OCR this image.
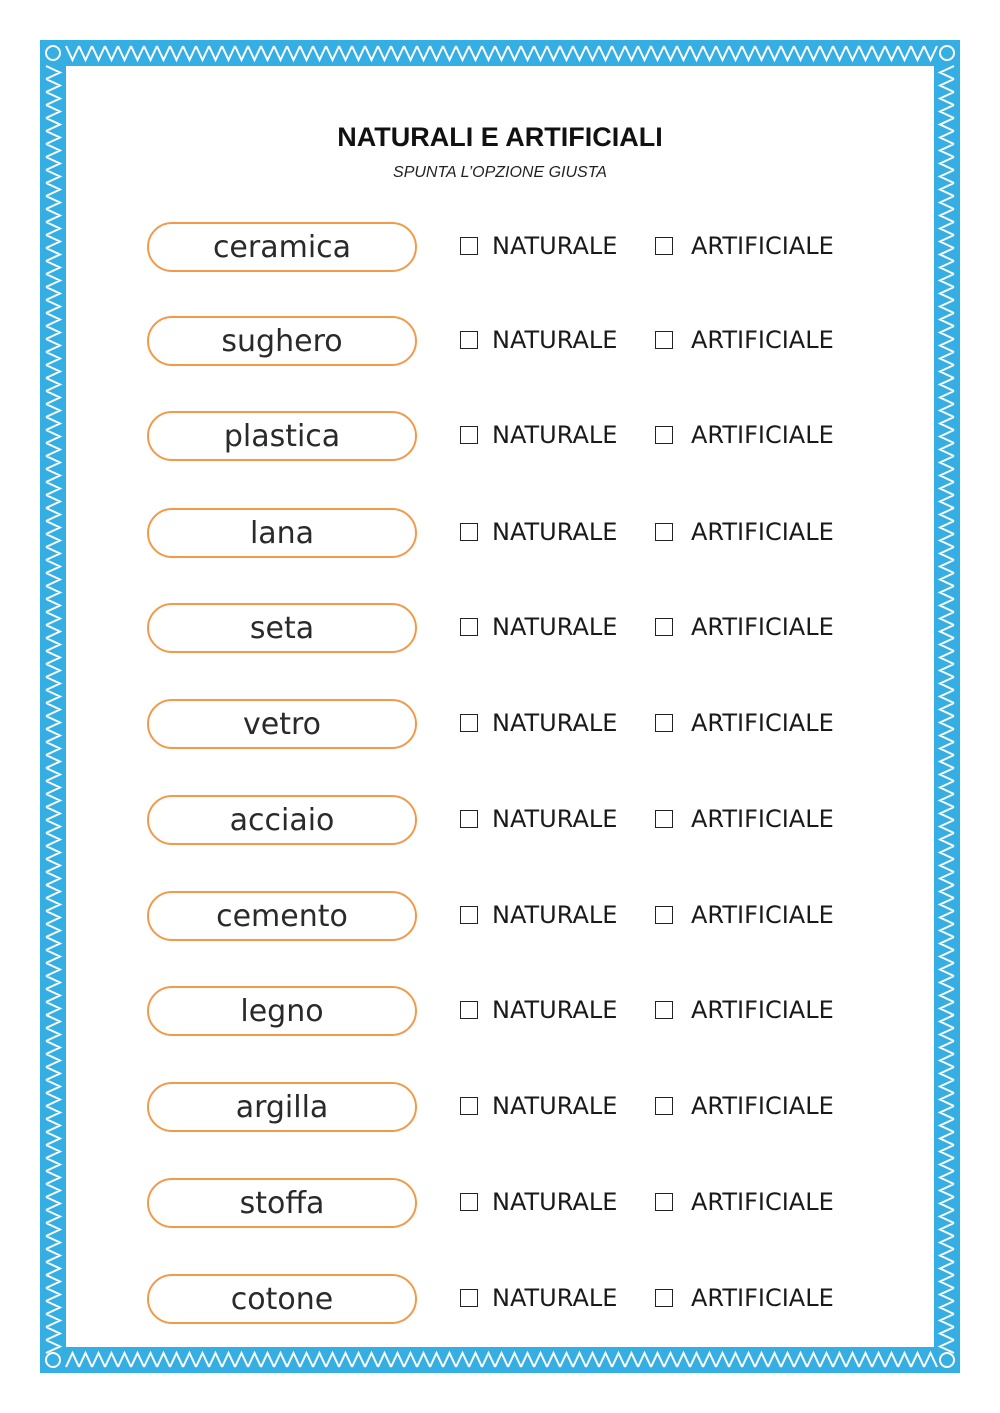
NATURALI E ARTIFICIALI
SPUNTA L’OPZIONE GIUSTA
ceramica	NATURALE	ARTIFICIALE
sughero	NATURALE	ARTIFICIALE
plastica	NATURALE	ARTIFICIALE
lana	NATURALE	ARTIFICIALE
seta	NATURALE	ARTIFICIALE
vetro	NATURALE	ARTIFICIALE
acciaio	NATURALE	ARTIFICIALE
cemento	NATURALE	ARTIFICIALE
legno	NATURALE	ARTIFICIALE
argilla	NATURALE	ARTIFICIALE
stoffa	NATURALE	ARTIFICIALE
cotone	NATURALE	ARTIFICIALE
